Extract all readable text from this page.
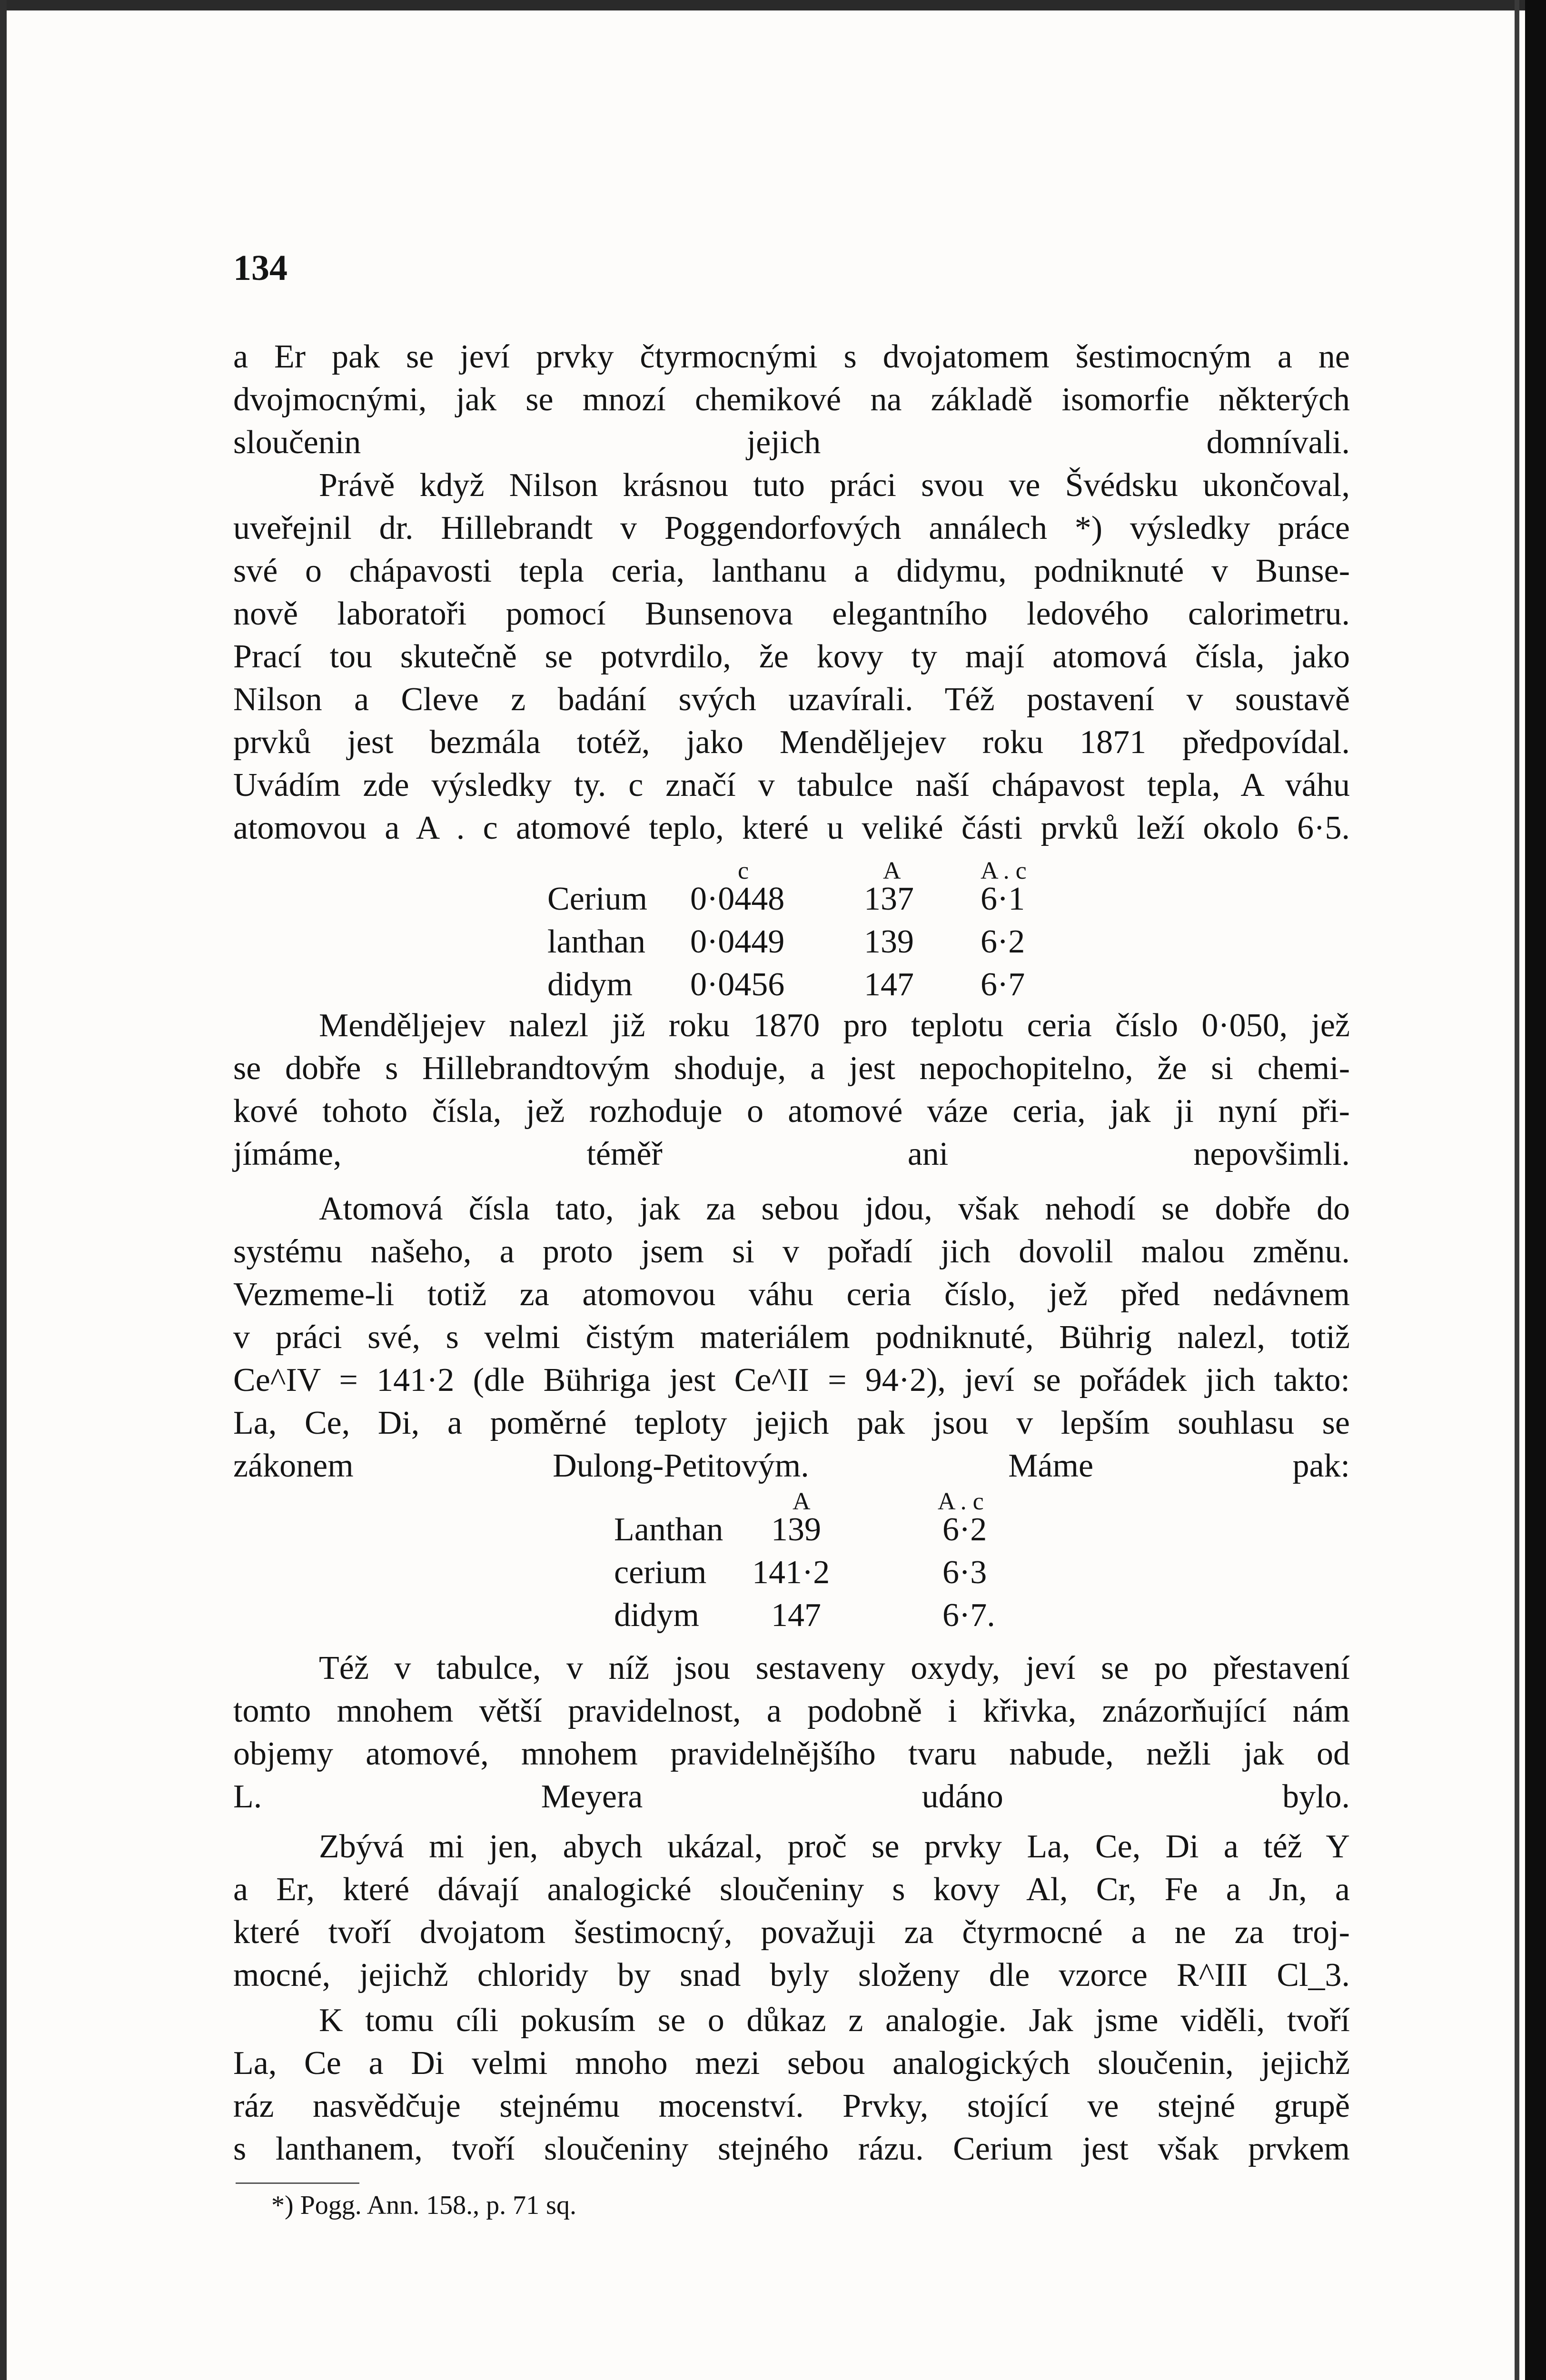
134

a Er pak se jeví prvky čtyrmocnými s dvojatomem šestimocným a ne
dvojmocnými, jak se mnozí chemikové na základě isomorfie některých
sloučenin jejich domnívali.

Právě když Nilson krásnou tuto práci svou ve Švédsku ukončoval,
uveřejnil dr. Hillebrandt v Poggendorfových annálech *) výsledky práce
své o chápavosti tepla ceria, lanthanu a didymu, podniknuté v Bunse-
nově laboratoři pomocí Bunsenova elegantního ledového calorimetru.
Prací tou skutečně se potvrdilo, že kovy ty mají atomová čísla, jako
Nilson a Cleve z badání svých uzavírali. Též postavení v soustavě
prvků jest bezmála totéž, jako Menděljejev roku 1871 předpovídal.
Uvádím zde výsledky ty. c značí v tabulce naší chápavost tepla, A váhu
atomovou a A . c atomové teplo, které u veliké části prvků leží okolo 6·5.

c	A	A . c
Cerium 0·0448 137 6·1
lanthan 0·0449 139 6·2
didym 0·0456 147 6·7

Menděljejev nalezl již roku 1870 pro teplotu ceria číslo 0·050, jež
se dobře s Hillebrandtovým shoduje, a jest nepochopitelno, že si chemi-
kové tohoto čísla, jež rozhoduje o atomové váze ceria, jak ji nyní při-
jímáme, téměř ani nepovšimli.

Atomová čísla tato, jak za sebou jdou, však nehodí se dobře do
systému našeho, a proto jsem si v pořadí jich dovolil malou změnu.
Vezmeme-li totiž za atomovou váhu ceria číslo, jež před nedávnem
v práci své, s velmi čistým materiálem podniknuté, Bührig nalezl, totiž
Ce^IV = 141·2 (dle Bühriga jest Ce^II = 94·2), jeví se pořádek jich takto:
La, Ce, Di, a poměrné teploty jejich pak jsou v lepším souhlasu se
zákonem Dulong-Petitovým. Máme pak:

A	A . c
Lanthan 139	6·2
cerium 141·2	6·3
didym 147	6·7.

Též v tabulce, v níž jsou sestaveny oxydy, jeví se po přestavení
tomto mnohem větší pravidelnost, a podobně i křivka, znázorňující nám
objemy atomové, mnohem pravidelnějšího tvaru nabude, nežli jak od
L. Meyera udáno bylo.

Zbývá mi jen, abych ukázal, proč se prvky La, Ce, Di a též Y
a Er, které dávají analogické sloučeniny s kovy Al, Cr, Fe a Jn, a
které tvoří dvojatom šestimocný, považuji za čtyrmocné a ne za troj-
mocné, jejichž chloridy by snad byly složeny dle vzorce R^III Cl_3.

K tomu cíli pokusím se o důkaz z analogie. Jak jsme viděli, tvoří
La, Ce a Di velmi mnoho mezi sebou analogických sloučenin, jejichž
ráz nasvědčuje stejnému mocenství. Prvky, stojící ve stejné grupě

s lanthanem, tvoří sloučeniny stejného rázu. Cerium jest však prvkem

*) Pogg. Ann. 158., p. 71 sq.
